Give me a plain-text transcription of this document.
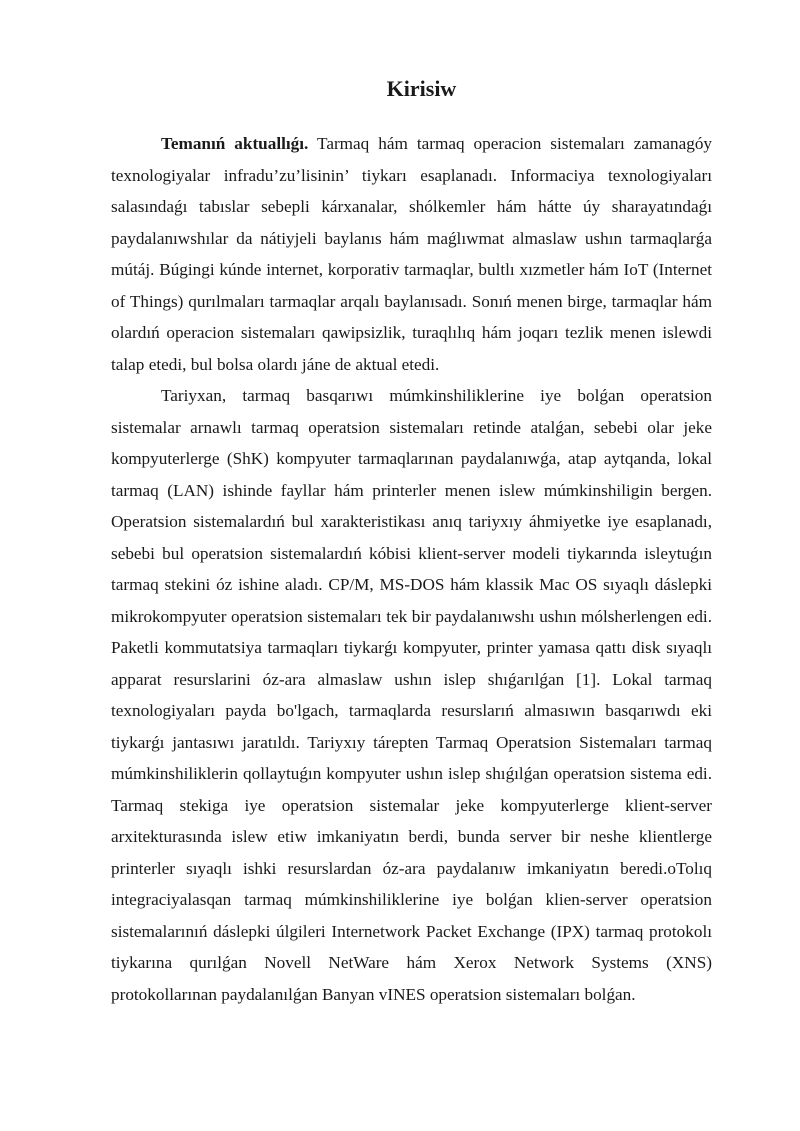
Kirisiw

Temanıń aktuallıǵı. Tarmaq hám tarmaq operacion sistemaları zamanagóy texnologiyalar infradu’zu’lisinin’ tiykarı esaplanadı. Informaciya texnologiyaları salasındaǵı tabıslar sebepli kárxanalar, shólkemler hám hátte úy sharayatındaǵı paydalanıwshılar da nátiyjeli baylanıs hám maǵlıwmat almaslaw ushın tarmaqlarǵa mútáj. Búgingi kúnde internet, korporativ tarmaqlar, bultlı xızmetler hám IoT (Internet of Things) qurılmaları tarmaqlar arqalı baylanısadı. Sonıń menen birge, tarmaqlar hám olardıń operacion sistemaları qawipsizlik, turaqlılıq hám joqarı tezlik menen islewdi talap etedi, bul bolsa olardı jáne de aktual etedi.

Tariyxan, tarmaq basqarıwı múmkinshiliklerine iye bolǵan operatsion sistemalar arnawlı tarmaq operatsion sistemaları retinde atalǵan, sebebi olar jeke kompyuterlerge (ShK) kompyuter tarmaqlarınan paydalanıwǵa, atap aytqanda, lokal tarmaq (LAN) ishinde fayllar hám printerler menen islew múmkinshiligin bergen. Operatsion sistemalardıń bul xarakteristikası anıq tariyxıy áhmiyetke iye esaplanadı, sebebi bul operatsion sistemalardıń kóbisi klient-server modeli tiykarında isleytuǵın tarmaq stekini óz ishine aladı. CP/M, MS-DOS hám klassik Mac OS sıyaqlı dáslepki mikrokompyuter operatsion sistemaları tek bir paydalanıwshı ushın mólsherlengen edi. Paketli kommutatsiya tarmaqları tiykarǵı kompyuter, printer yamasa qattı disk sıyaqlı apparat resurslarini óz-ara almaslaw ushın islep shıǵarılǵan [1]. Lokal tarmaq texnologiyaları payda bo'lgach, tarmaqlarda resurslarıń almasıwın basqarıwdı eki tiykarǵı jantasıwı jaratıldı. Tariyxıy tárepten Tarmaq Operatsion Sistemaları tarmaq múmkinshiliklerin qollaytuǵın kompyuter ushın islep shıǵılǵan operatsion sistema edi. Tarmaq stekiga iye operatsion sistemalar jeke kompyuterlerge klient-server arxitekturasında islew etiw imkaniyatın berdi, bunda server bir neshe klientlerge printerler sıyaqlı ishki resurslardan óz-ara paydalanıw imkaniyatın beredi.oTolıq integraciyalasqan tarmaq múmkinshiliklerine iye bolǵan klien-server operatsion sistemalarınıń dáslepki úlgileri Internetwork Packet Exchange (IPX) tarmaq protokolı tiykarına qurılǵan Novell NetWare hám Xerox Network Systems (XNS) protokollarınan paydalanılǵan Banyan vINES operatsion sistemaları bolǵan.
